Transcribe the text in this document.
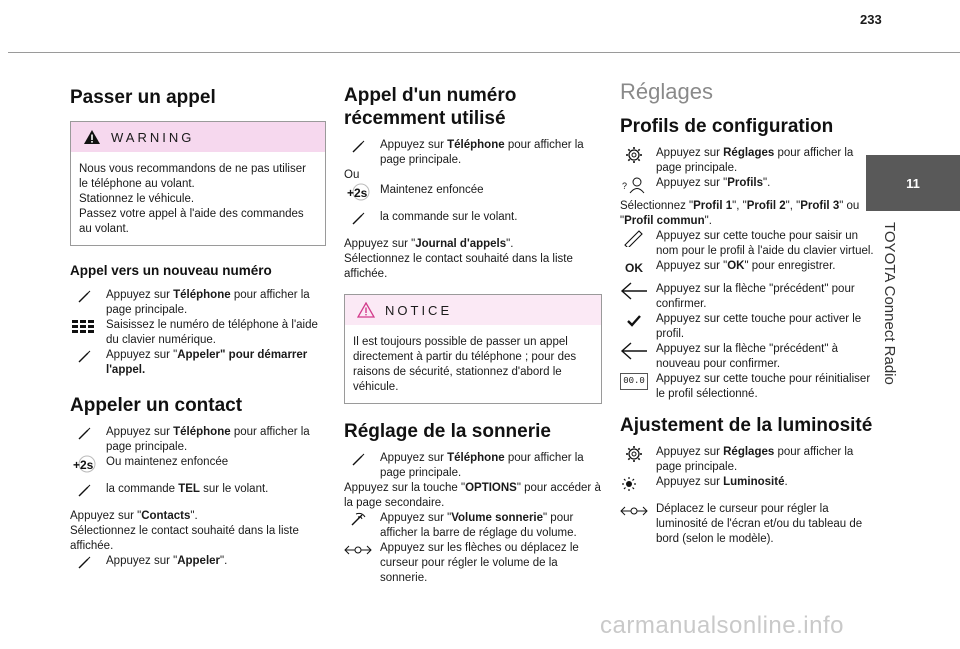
233
11
TOYOTA Connect Radio
Passer un appel
WARNING
Nous vous recommandons de ne pas utiliser le téléphone au volant.
Stationnez le véhicule.
Passez votre appel à l'aide des commandes au volant.
Appel vers un nouveau numéro

Appuyez sur Téléphone pour afficher la page principale.

Saisissez le numéro de téléphone à l'aide du clavier numérique.

Appuyez sur "Appeler" pour démarrer l'appel.

Appeler un contact

Appuyez sur Téléphone pour afficher la page principale.

+2s Ou maintenez enfoncée

la commande TEL sur le volant.

Appuyez sur "Contacts".

Sélectionnez le contact souhaité dans la liste affichée.

Appuyez sur "Appeler".

Appel d'un numéro récemment utilisé

Appuyez sur Téléphone pour afficher la page principale.

Ou

+2s Maintenez enfoncée

la commande sur le volant.

Appuyez sur "Journal d'appels".

Sélectionnez le contact souhaité dans la liste affichée.

NOTICE
Il est toujours possible de passer un appel directement à partir du téléphone ; pour des raisons de sécurité, stationnez d'abord le véhicule.
Réglage de la sonnerie

Appuyez sur Téléphone pour afficher la page principale.

Appuyez sur la touche "OPTIONS" pour accéder à la page secondaire.

Appuyez sur "Volume sonnerie" pour afficher la barre de réglage du volume.

Appuyez sur les flèches ou déplacez le curseur pour régler le volume de la sonnerie.

Réglages
Profils de configuration

Appuyez sur Réglages pour afficher la page principale.

?	Appuyez sur "Profils".

Sélectionnez "Profil 1", "Profil 2", "Profil 3" ou "Profil commun".

Appuyez sur cette touche pour saisir un nom pour le profil à l'aide du clavier virtuel.

OK	Appuyez sur "OK" pour enregistrer.

Appuyez sur la flèche "précédent" pour confirmer.

Appuyez sur cette touche pour activer le profil.

Appuyez sur la flèche "précédent" à nouveau pour confirmer.

00.0 Appuyez sur cette touche pour réinitialiser le profil sélectionné.

Ajustement de la luminosité

Appuyez sur Réglages pour afficher la page principale.

Appuyez sur Luminosité.

Déplacez le curseur pour régler la luminosité de l'écran et/ou du tableau de bord (selon le modèle).

carmanualsonline.info
